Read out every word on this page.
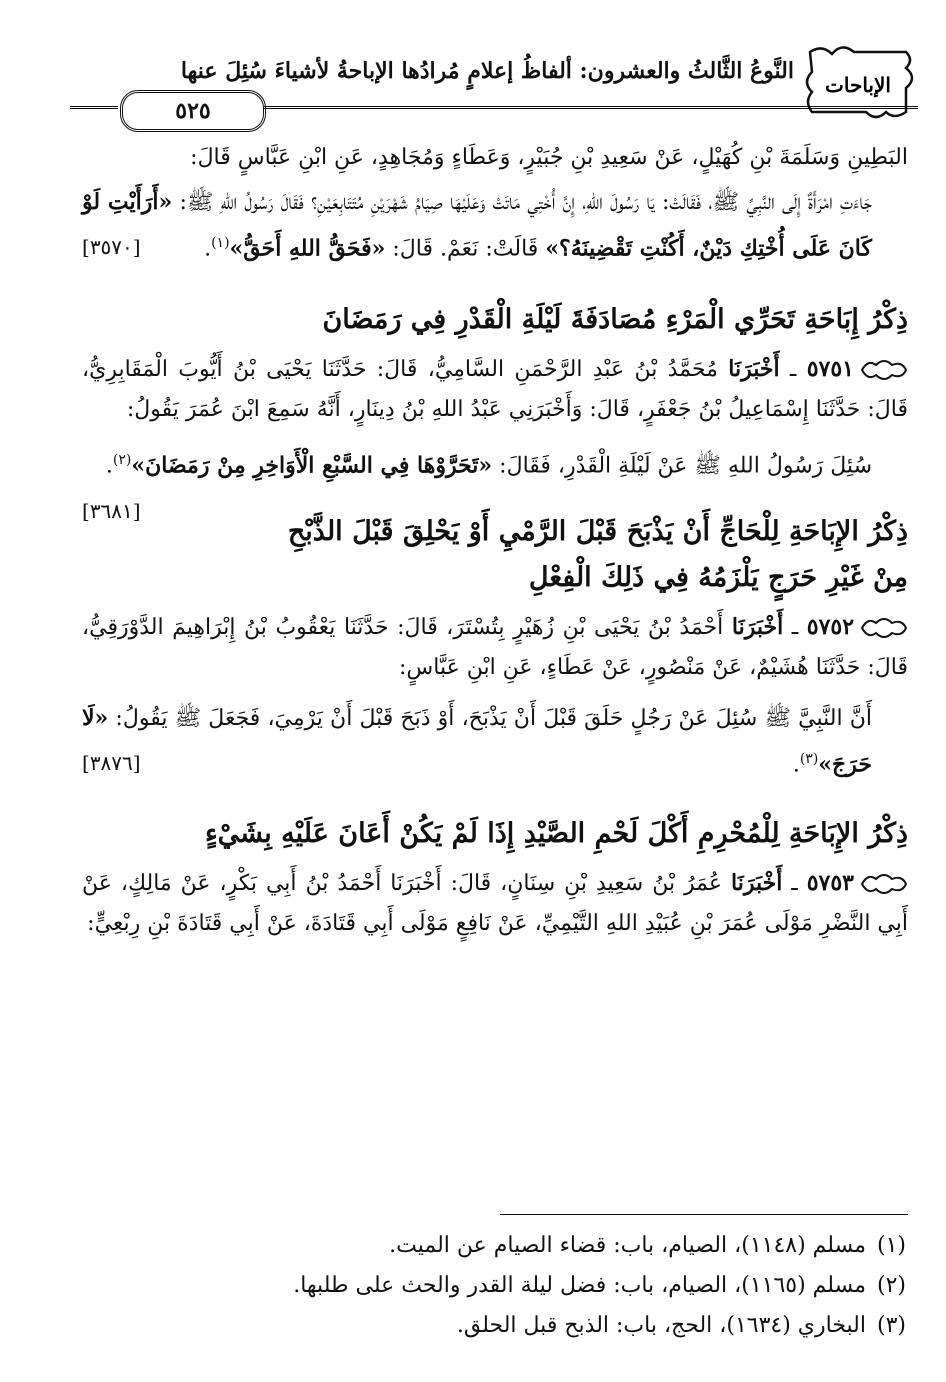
الإباحات
النَّوعُ الثَّالثُ والعشرون: ألفاظُ إعلامٍ مُرادُها الإباحةُ لأشياءَ سُئِلَ عنها
٥٢٥

البَطِينِ وَسَلَمَةَ بْنِ كُهَيْلٍ، عَنْ سَعِيدِ بْنِ جُبَيْرٍ، وَعَطَاءٍ وَمُجَاهِدٍ، عَنِ ابْنِ عَبَّاسٍ قَالَ:

جَاءَتِ امْرَأَةٌ إِلَى النَّبِيِّ ﷺ، فَقَالَتْ: يَا رَسُولَ اللهِ، إِنَّ أُخْتِي مَاتَتْ وَعَلَيْهَا صِيَامُ شَهْرَيْنِ مُتَتَابِعَيْنِ؟ فَقَالَ رَسُولُ اللهِ ﷺ: «أَرَأَيْتِ لَوْ كَانَ عَلَى أُخْتِكِ دَيْنٌ، أَكُنْتِ تَقْضِينَهُ؟» قَالَتْ: نَعَمْ. قَالَ: «فَحَقُّ اللهِ أَحَقُّ»$^{(١)}$.
[٣٥٧٠]

ذِكْرُ إِبَاحَةِ تَحَرِّي الْمَرْءِ مُصَادَفَةَ لَيْلَةِ الْقَدْرِ فِي رَمَضَانَ

٥٧٥١ ـ أَخْبَرَنَا مُحَمَّدُ بْنُ عَبْدِ الرَّحْمَنِ السَّامِيُّ، قَالَ: حَدَّثَنَا يَحْيَى بْنُ أَيُّوبَ الْمَقَابِرِيُّ، قَالَ: حَدَّثَنَا إِسْمَاعِيلُ بْنُ جَعْفَرٍ، قَالَ: وَأَخْبَرَنِي عَبْدُ اللهِ بْنُ دِينَارٍ، أَنَّهُ سَمِعَ ابْنَ عُمَرَ يَقُولُ:

سُئِلَ رَسُولُ اللهِ ﷺ عَنْ لَيْلَةِ الْقَدْرِ، فَقَالَ: «تَحَرَّوْهَا فِي السَّبْعِ الْأَوَاخِرِ مِنْ رَمَضَانَ»$^{(٢)}$.
[٣٦٨١]

ذِكْرُ الإِبَاحَةِ لِلْحَاجِّ أَنْ يَذْبَحَ قَبْلَ الرَّمْيِ أَوْ يَحْلِقَ قَبْلَ الذَّبْحِ

مِنْ غَيْرِ حَرَجٍ يَلْزَمُهُ فِي ذَلِكَ الْفِعْلِ

٥٧٥٢ ـ أَخْبَرَنَا أَحْمَدُ بْنُ يَحْيَى بْنِ زُهَيْرٍ بِتُسْتَرَ، قَالَ: حَدَّثَنَا يَعْقُوبُ بْنُ إِبْرَاهِيمَ الدَّوْرَقِيُّ، قَالَ: حَدَّثَنَا هُشَيْمٌ، عَنْ مَنْصُورٍ، عَنْ عَطَاءٍ، عَنِ ابْنِ عَبَّاسٍ:

أَنَّ النَّبِيَّ ﷺ سُئِلَ عَنْ رَجُلٍ حَلَقَ قَبْلَ أَنْ يَذْبَحَ، أَوْ ذَبَحَ قَبْلَ أَنْ يَرْمِيَ، فَجَعَلَ ﷺ يَقُولُ: «لَا حَرَجَ»$^{(٣)}$.
[٣٨٧٦]

ذِكْرُ الإِبَاحَةِ لِلْمُحْرِمِ أَكْلَ لَحْمِ الصَّيْدِ إِذَا لَمْ يَكُنْ أَعَانَ عَلَيْهِ بِشَيْءٍ

٥٧٥٣ ـ أَخْبَرَنَا عُمَرُ بْنُ سَعِيدِ بْنِ سِنَانٍ، قَالَ: أَخْبَرَنَا أَحْمَدُ بْنُ أَبِي بَكْرٍ، عَنْ مَالِكٍ، عَنْ أَبِي النَّضْرِ مَوْلَى عُمَرَ بْنِ عُبَيْدِ اللهِ التَّيْمِيِّ، عَنْ نَافِعٍ مَوْلَى أَبِي قَتَادَةَ، عَنْ أَبِي قَتَادَةَ بْنِ رِبْعِيٍّ:

(١)مسلم (١١٤٨)، الصيام، باب: قضاء الصيام عن الميت.

(٢)مسلم (١١٦٥)، الصيام، باب: فضل ليلة القدر والحث على طلبها.

(٣)البخاري (١٦٣٤)، الحج، باب: الذبح قبل الحلق.
